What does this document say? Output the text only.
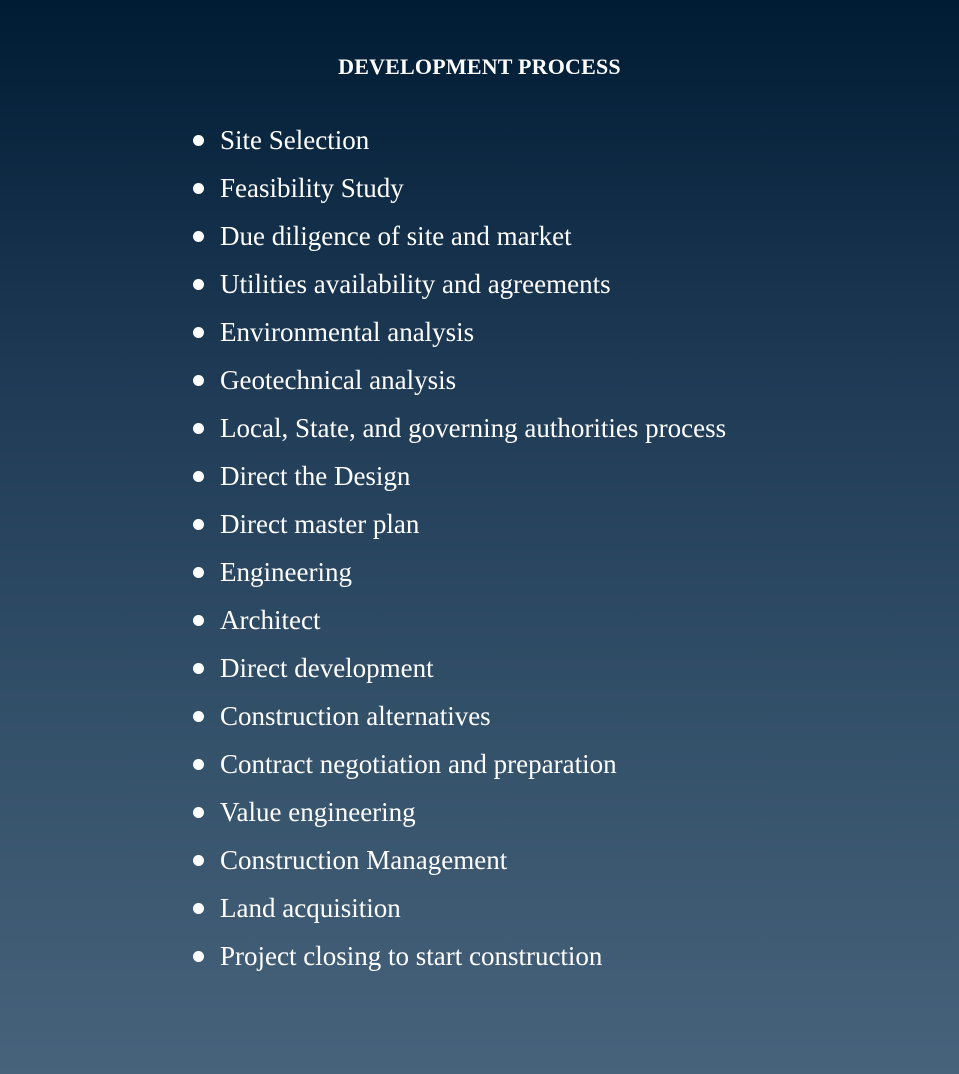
DEVELOPMENT PROCESS
Site Selection
Feasibility Study
Due diligence of site and market
Utilities availability and agreements
Environmental analysis
Geotechnical analysis
Local, State, and governing authorities process
Direct the Design
Direct master plan
Engineering
Architect
Direct development
Construction alternatives
Contract negotiation and preparation
Value engineering
Construction Management
Land acquisition
Project closing to start construction
